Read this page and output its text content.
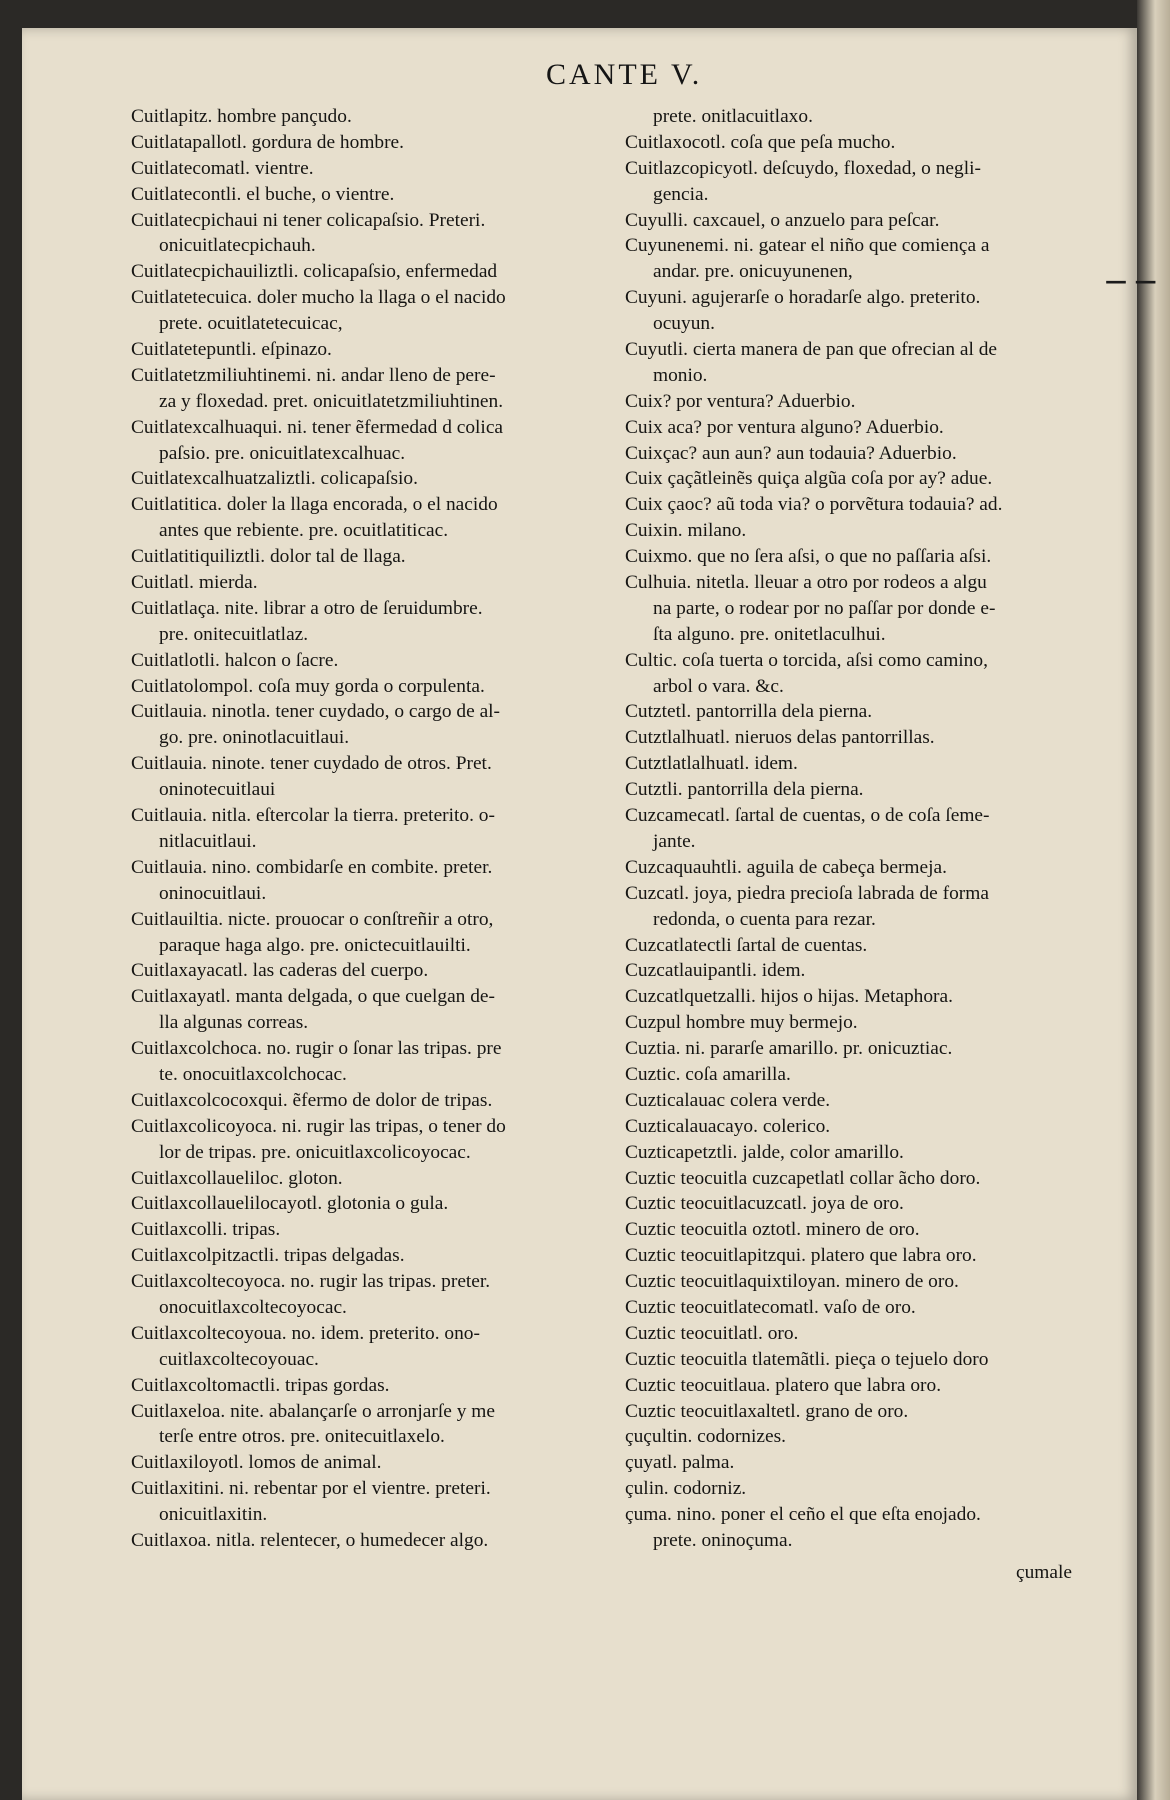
— —
CANTE V.
Cuitlapitz. hombre pançudo.
Cuitlatapallotl. gordura de hombre.
Cuitlatecomatl. vientre.
Cuitlatecontli. el buche, o vientre.
Cuitlatecpichaui ni tener colicapaſsio. Preteri.
onicuitlatecpichauh.
Cuitlatecpichauiliztli. colicapaſsio, enfermedad
Cuitlatetecuica. doler mucho la llaga o el nacido
prete. ocuitlatetecuicac,
Cuitlatetepuntli. eſpinazo.
Cuitlatetzmiliuhtinemi. ni. andar lleno de pere-
za y floxedad. pret. onicuitlatetzmiliuhtinen.
Cuitlatexcalhuaqui. ni. tener ẽfermedad d colica
paſsio. pre. onicuitlatexcalhuac.
Cuitlatexcalhuatzaliztli. colicapaſsio.
Cuitlatitica. doler la llaga encorada, o el nacido
antes que rebiente. pre. ocuitlatiticac.
Cuitlatitiquiliztli. dolor tal de llaga.
Cuitlatl. mierda.
Cuitlatlaça. nite. librar a otro de ſeruidumbre.
pre. onitecuitlatlaz.
Cuitlatlotli. halcon o ſacre.
Cuitlatolompol. coſa muy gorda o corpulenta.
Cuitlauia. ninotla. tener cuydado, o cargo de al-
go. pre. oninotlacuitlaui.
Cuitlauia. ninote. tener cuydado de otros. Pret.
oninotecuitlaui
Cuitlauia. nitla. eſtercolar la tierra. preterito. o-
nitlacuitlaui.
Cuitlauia. nino. combidarſe en combite. preter.
oninocuitlaui.
Cuitlauiltia. nicte. prouocar o conſtreñir a otro,
paraque haga algo. pre. onictecuitlauilti.
Cuitlaxayacatl. las caderas del cuerpo.
Cuitlaxayatl. manta delgada, o que cuelgan de-
lla algunas correas.
Cuitlaxcolchoca. no. rugir o ſonar las tripas. pre
te. onocuitlaxcolchocac.
Cuitlaxcolcocoxqui. ẽfermo de dolor de tripas.
Cuitlaxcolicoyoca. ni. rugir las tripas, o tener do
lor de tripas. pre. onicuitlaxcolicoyocac.
Cuitlaxcollauelilоc. gloton.
Cuitlaxcollauelilocayotl. glotonia o gula.
Cuitlaxcolli. tripas.
Cuitlaxcolpitzactli. tripas delgadas.
Cuitlaxcoltecoyoca. no. rugir las tripas. preter.
onocuitlaxcoltecoyocac.
Cuitlaxcoltecoyoua. no. idem. preterito. ono-
cuitlaxcoltecoyouac.
Cuitlaxcoltomactli. tripas gordas.
Cuitlaxeloa. nite. abalançarſe o arronjarſe y me
terſe entre otros. pre. onitecuitlaxelo.
Cuitlaxiloyotl. lomos de animal.
Cuitlaxitini. ni. rebentar por el vientre. preteri.
onicuitlaxitin.
Cuitlaxoa. nitla. relentecer, o humedecer algo.
prete. onitlacuitlaxo.
Cuitlaxocotl. coſa que peſa mucho.
Cuitlazcopicyotl. deſcuydo, floxedad, o negli-
gencia.
Cuyulli. caxcauel, o anzuelo para peſcar.
Cuyunenemi. ni. gatear el niño que comiença a
andar. pre. onicuyunenen,
Cuyuni. agujerarſe o horadarſe algo. preterito.
ocuyun.
Cuyutli. cierta manera de pan que ofrecian al de
monio.
Cuix? por ventura? Aduerbio.
Cuix aca? por ventura alguno? Aduerbio.
Cuixçac? aun aun? aun todauia? Aduerbio.
Cuix çaçãtleinẽs quiça algũa coſa por ay? adue.
Cuix çaoc? aũ toda via? o porvẽtura todauia? ad.
Cuixin. milano.
Cuixmo. que no ſera aſsi, o que no paſſaria aſsi.
Culhuia. nitetla. lleuar a otro por rodeos a algu
na parte, o rodear por no paſſar por donde e-
ſta alguno. pre. onitetlaculhui.
Cultic. coſa tuerta o torcida, aſsi como camino,
arbol o vara. &c.
Cutztetl. pantorrilla dela pierna.
Cutztlalhuatl. nieruos delas pantorrillas.
Cutztlatlalhuatl. idem.
Cutztli. pantorrilla dela pierna.
Cuzcamecatl. ſartal de cuentas, o de coſa ſeme-
jante.
Cuzcaquauhtli. aguila de cabeça bermeja.
Cuzcatl. joya, piedra precioſa labrada de forma
redonda, o cuenta para rezar.
Cuzcatlatectli ſartal de cuentas.
Cuzcatlauipantli. idem.
Cuzcatlquetzalli. hijos o hijas. Metaphora.
Cuzpul hombre muy bermejo.
Cuztia. ni. pararſe amarillo. pr. onicuztiac.
Cuztic. coſa amarilla.
Cuzticalauac colera verde.
Cuzticalauacayo. colerico.
Cuzticapetztli. jalde, color amarillo.
Cuztic teocuitla cuzcapetlatl collar ãcho doro.
Cuztic teocuitlacuzcatl. joya de oro.
Cuztic teocuitla oztotl. minero de oro.
Cuztic teocuitlapitzqui. platero que labra oro.
Cuztic teocuitlaquixtiloyan. minero de oro.
Cuztic teocuitlatecomatl. vaſo de oro.
Cuztic teocuitlatl. oro.
Cuztic teocuitla tlatemãtli. pieça o tejuelo doro
Cuztic teocuitlaua. platero que labra oro.
Cuztic teocuitlaxaltetl. grano de oro.
çuçultin. codornizes.
çuyatl. palma.
çulin. codorniz.
çuma. nino. poner el ceño el que eſta enojado.
prete. oninoçuma.
çumale
